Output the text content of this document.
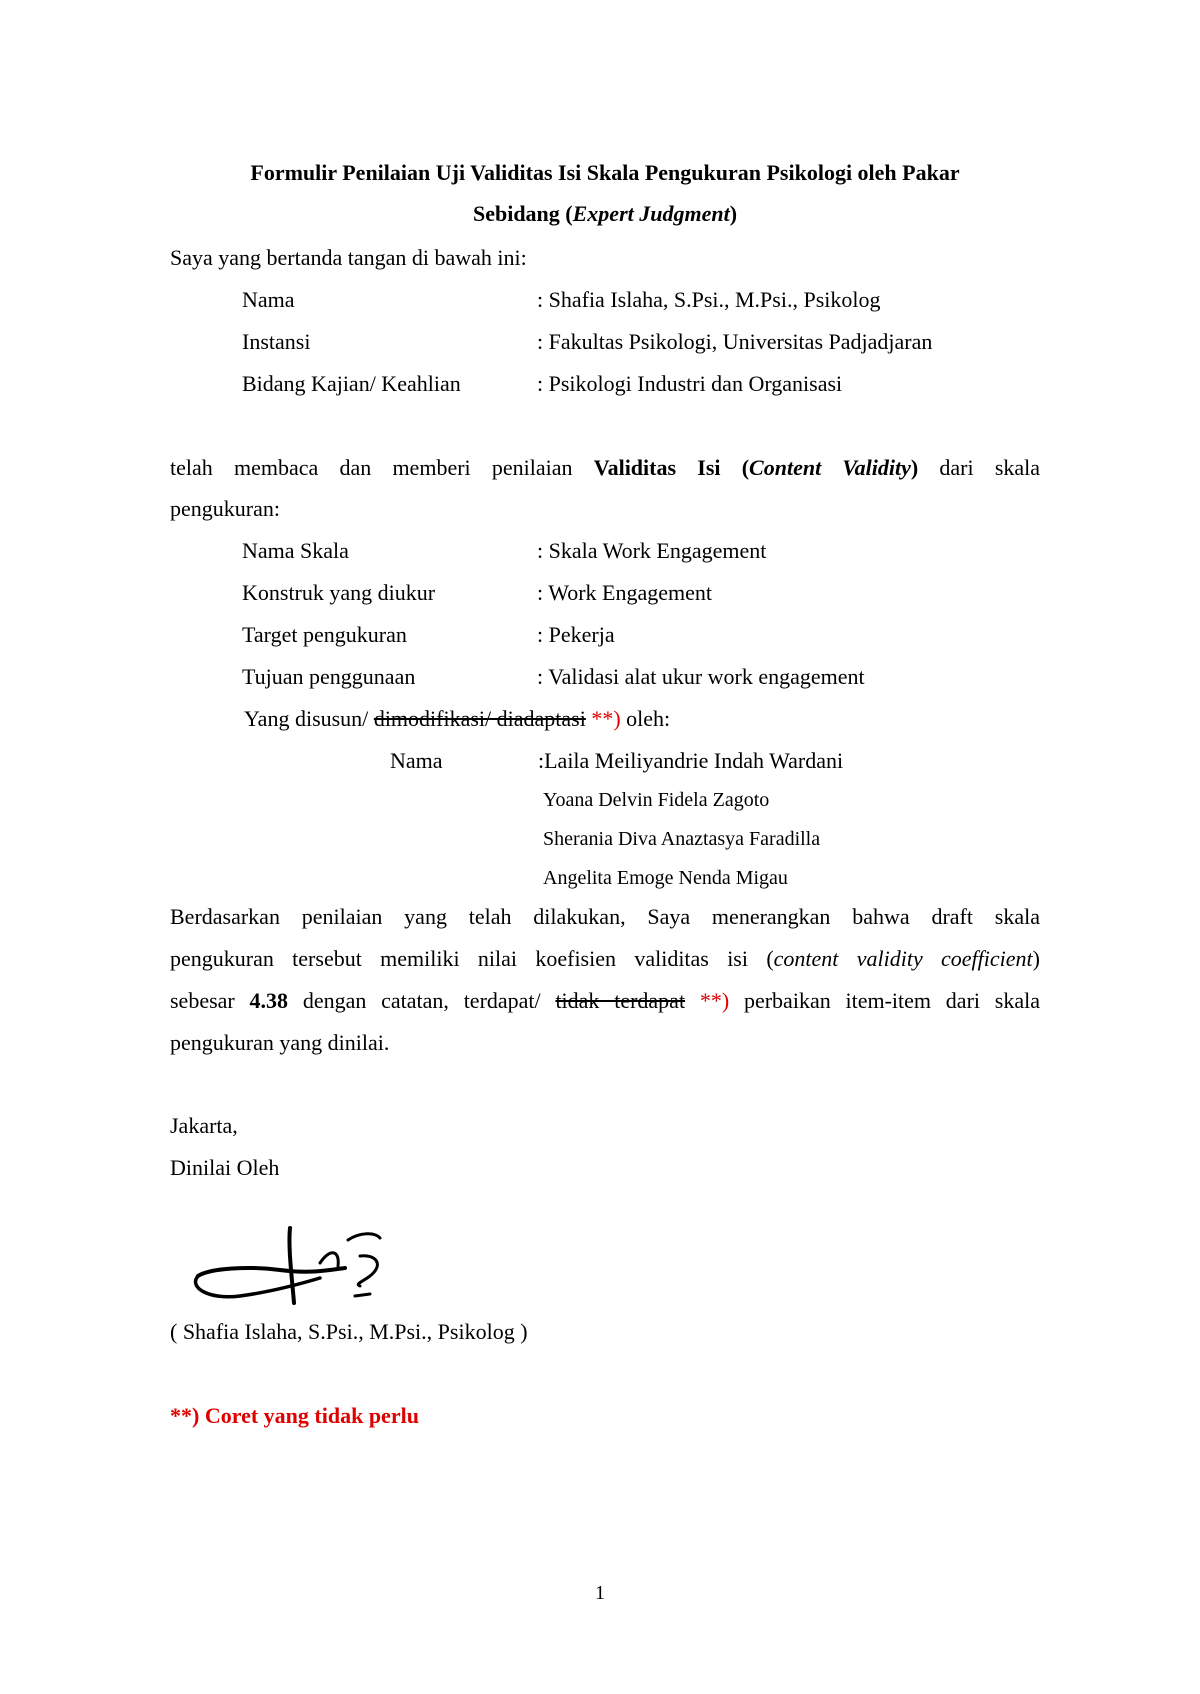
Formulir Penilaian Uji Validitas Isi Skala Pengukuran Psikologi oleh Pakar
Sebidang (Expert Judgment)
Saya yang bertanda tangan di bawah ini:
Nama	: Shafia Islaha, S.Psi., M.Psi., Psikolog
Instansi	: Fakultas Psikologi, Universitas Padjadjaran
Bidang Kajian/ Keahlian	: Psikologi Industri dan Organisasi
telah membaca dan memberi penilaian Validitas Isi (Content Validity) dari skala
pengukuran:
Nama Skala	: Skala Work Engagement
Konstruk yang diukur	: Work Engagement
Target pengukuran	: Pekerja
Tujuan penggunaan	: Validasi alat ukur work engagement
Yang disusun/ dimodifikasi/ diadaptasi **) oleh:
Nama	:Laila Meiliyandrie Indah Wardani
Yoana Delvin Fidela Zagoto
Sherania Diva Anaztasya Faradilla
Angelita Emoge Nenda Migau
Berdasarkan penilaian yang telah dilakukan, Saya menerangkan bahwa draft skala
pengukuran tersebut memiliki nilai koefisien validitas isi (content validity coefficient)
sebesar 4.38 dengan catatan, terdapat/ tidak terdapat **) perbaikan item-item dari skala
pengukuran yang dinilai.
Jakarta,
Dinilai Oleh
( Shafia Islaha, S.Psi., M.Psi., Psikolog )
**) Coret yang tidak perlu
1
